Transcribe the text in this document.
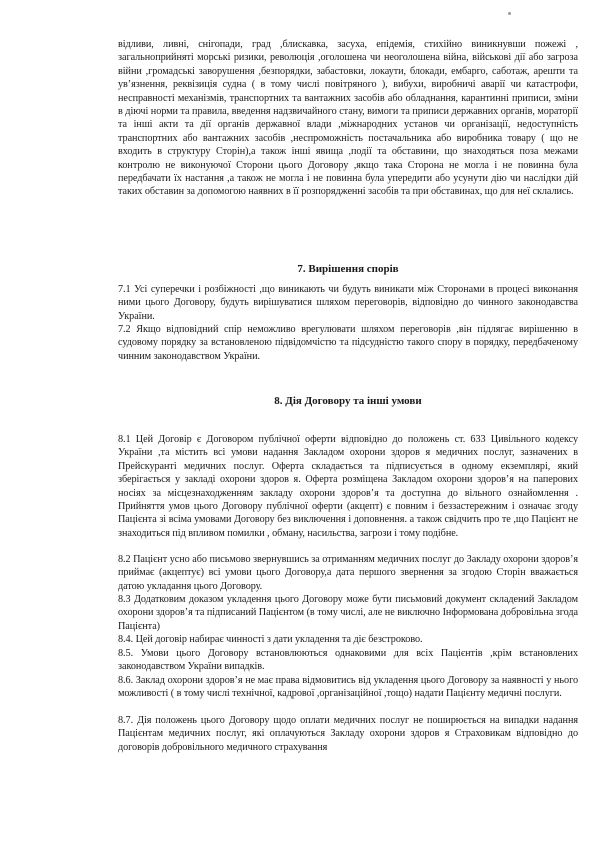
відливи, ливні, снігопади, град ,блискавка, засуха, епідемія, стихійно виникнувши пожежі , загальноприйняті морські ризики, революція ,оголошена чи неоголошена війна, військові дії або загроза війни ,громадські заворушення ,безпорядки, забастовки, локаути, блокади, ембарго, саботаж, арешти та ув’язнення, реквізиція судна ( в тому числі повітряного ), вибухи, виробничі аварії чи катастрофи, несправності механізмів, транспортних та вантажних засобів або обладнання, карантинні приписи, зміни в діючі норми та правила, введення надзвичайного стану, вимоги та приписи державних органів, мораторії та інші акти та дії органів державної влади ,міжнародних установ чи організації, недоступність транспортних або вантажних засобів ,неспроможність постачальника або виробника товару ( що не входить в структуру Сторін),а також інші явища ,події та обставини, що знаходяться поза межами контролю не виконуючої Сторони цього Договору ,якщо така Сторона не могла і не повинна була передбачати їх настання ,а також не могла і не повинна була упередити або усунути дію чи наслідки дій таких обставин за допомогою наявних в її розпорядженні засобів та при обставинах, що для неї склались.

7. Вирішення спорів

7.1 Усі суперечки і розбіжності ,що виникають чи будуть виникати між Сторонами в процесі виконання ними цього Договору, будуть вирішуватися шляхом переговорів, відповідно до чинного законодавства України.

7.2 Якщо відповідний спір неможливо врегулювати шляхом переговорів ,він підлягає вирішенню в судовому порядку за встановленою підвідомчістю та підсудністю такого спору в порядку, передбаченому чинним законодавством України.

8. Дія Договору та інші умови

8.1 Цей Договір є Договором публічної оферти відповідно до положень ст. 633 Цивільного кодексу України ,та містить всі умови надання Закладом охорони здоров я медичних послуг, зазначених в Прейскуранті медичних послуг. Оферта складається та підписується в одному екземплярі, який зберігається у закладі охорони здоров я. Оферта розміщена Закладом охорони здоров’я на паперових носіях за місцезнаходженням закладу охорони здоров’я та доступна до вільного ознайомлення . Прийняття умов цього Договору публічної оферти (акцепт) є повним і беззастережним і означає згоду Пацієнта зі всіма умовами Договору без виключення і доповнення. а також свідчить про те ,що Пацієнт не знаходиться під впливом помилки , обману, насильства, загрози і тому подібне.

8.2 Пацієнт усно або письмово звернувшись за отриманням медичних послуг до Закладу охорони здоров’я приймає (акцептує) всі умови цього Договору,а дата першого звернення за згодою Сторін вважається датою укладання цього Договору.

8.3 Додатковим доказом укладення цього Договору може бути письмовий документ складений Закладом охорони здоров’я та підписаний Пацієнтом (в тому числі, але не виключно Інформована добровільна згода Пацієнта)

8.4. Цей договір набирає чинності з дати укладення та діє безстроково.

8.5. Умови цього Договору встановлюються однаковими для всіх Пацієнтів ,крім встановлених законодавством України випадків.

8.6. Заклад охорони здоров’я не має права відмовитись від укладення цього Договору за наявності у нього можливості ( в тому числі технічної, кадрової ,організаційної ,тощо) надати Пацієнту медичні послуги.

8.7. Дія положень цього Договору щодо оплати медичних послуг не поширюється на випадки надання Пацієнтам медичних послуг, які оплачуються Закладу охорони здоров я Страховикам відповідно до договорів добровільного медичного страхування
